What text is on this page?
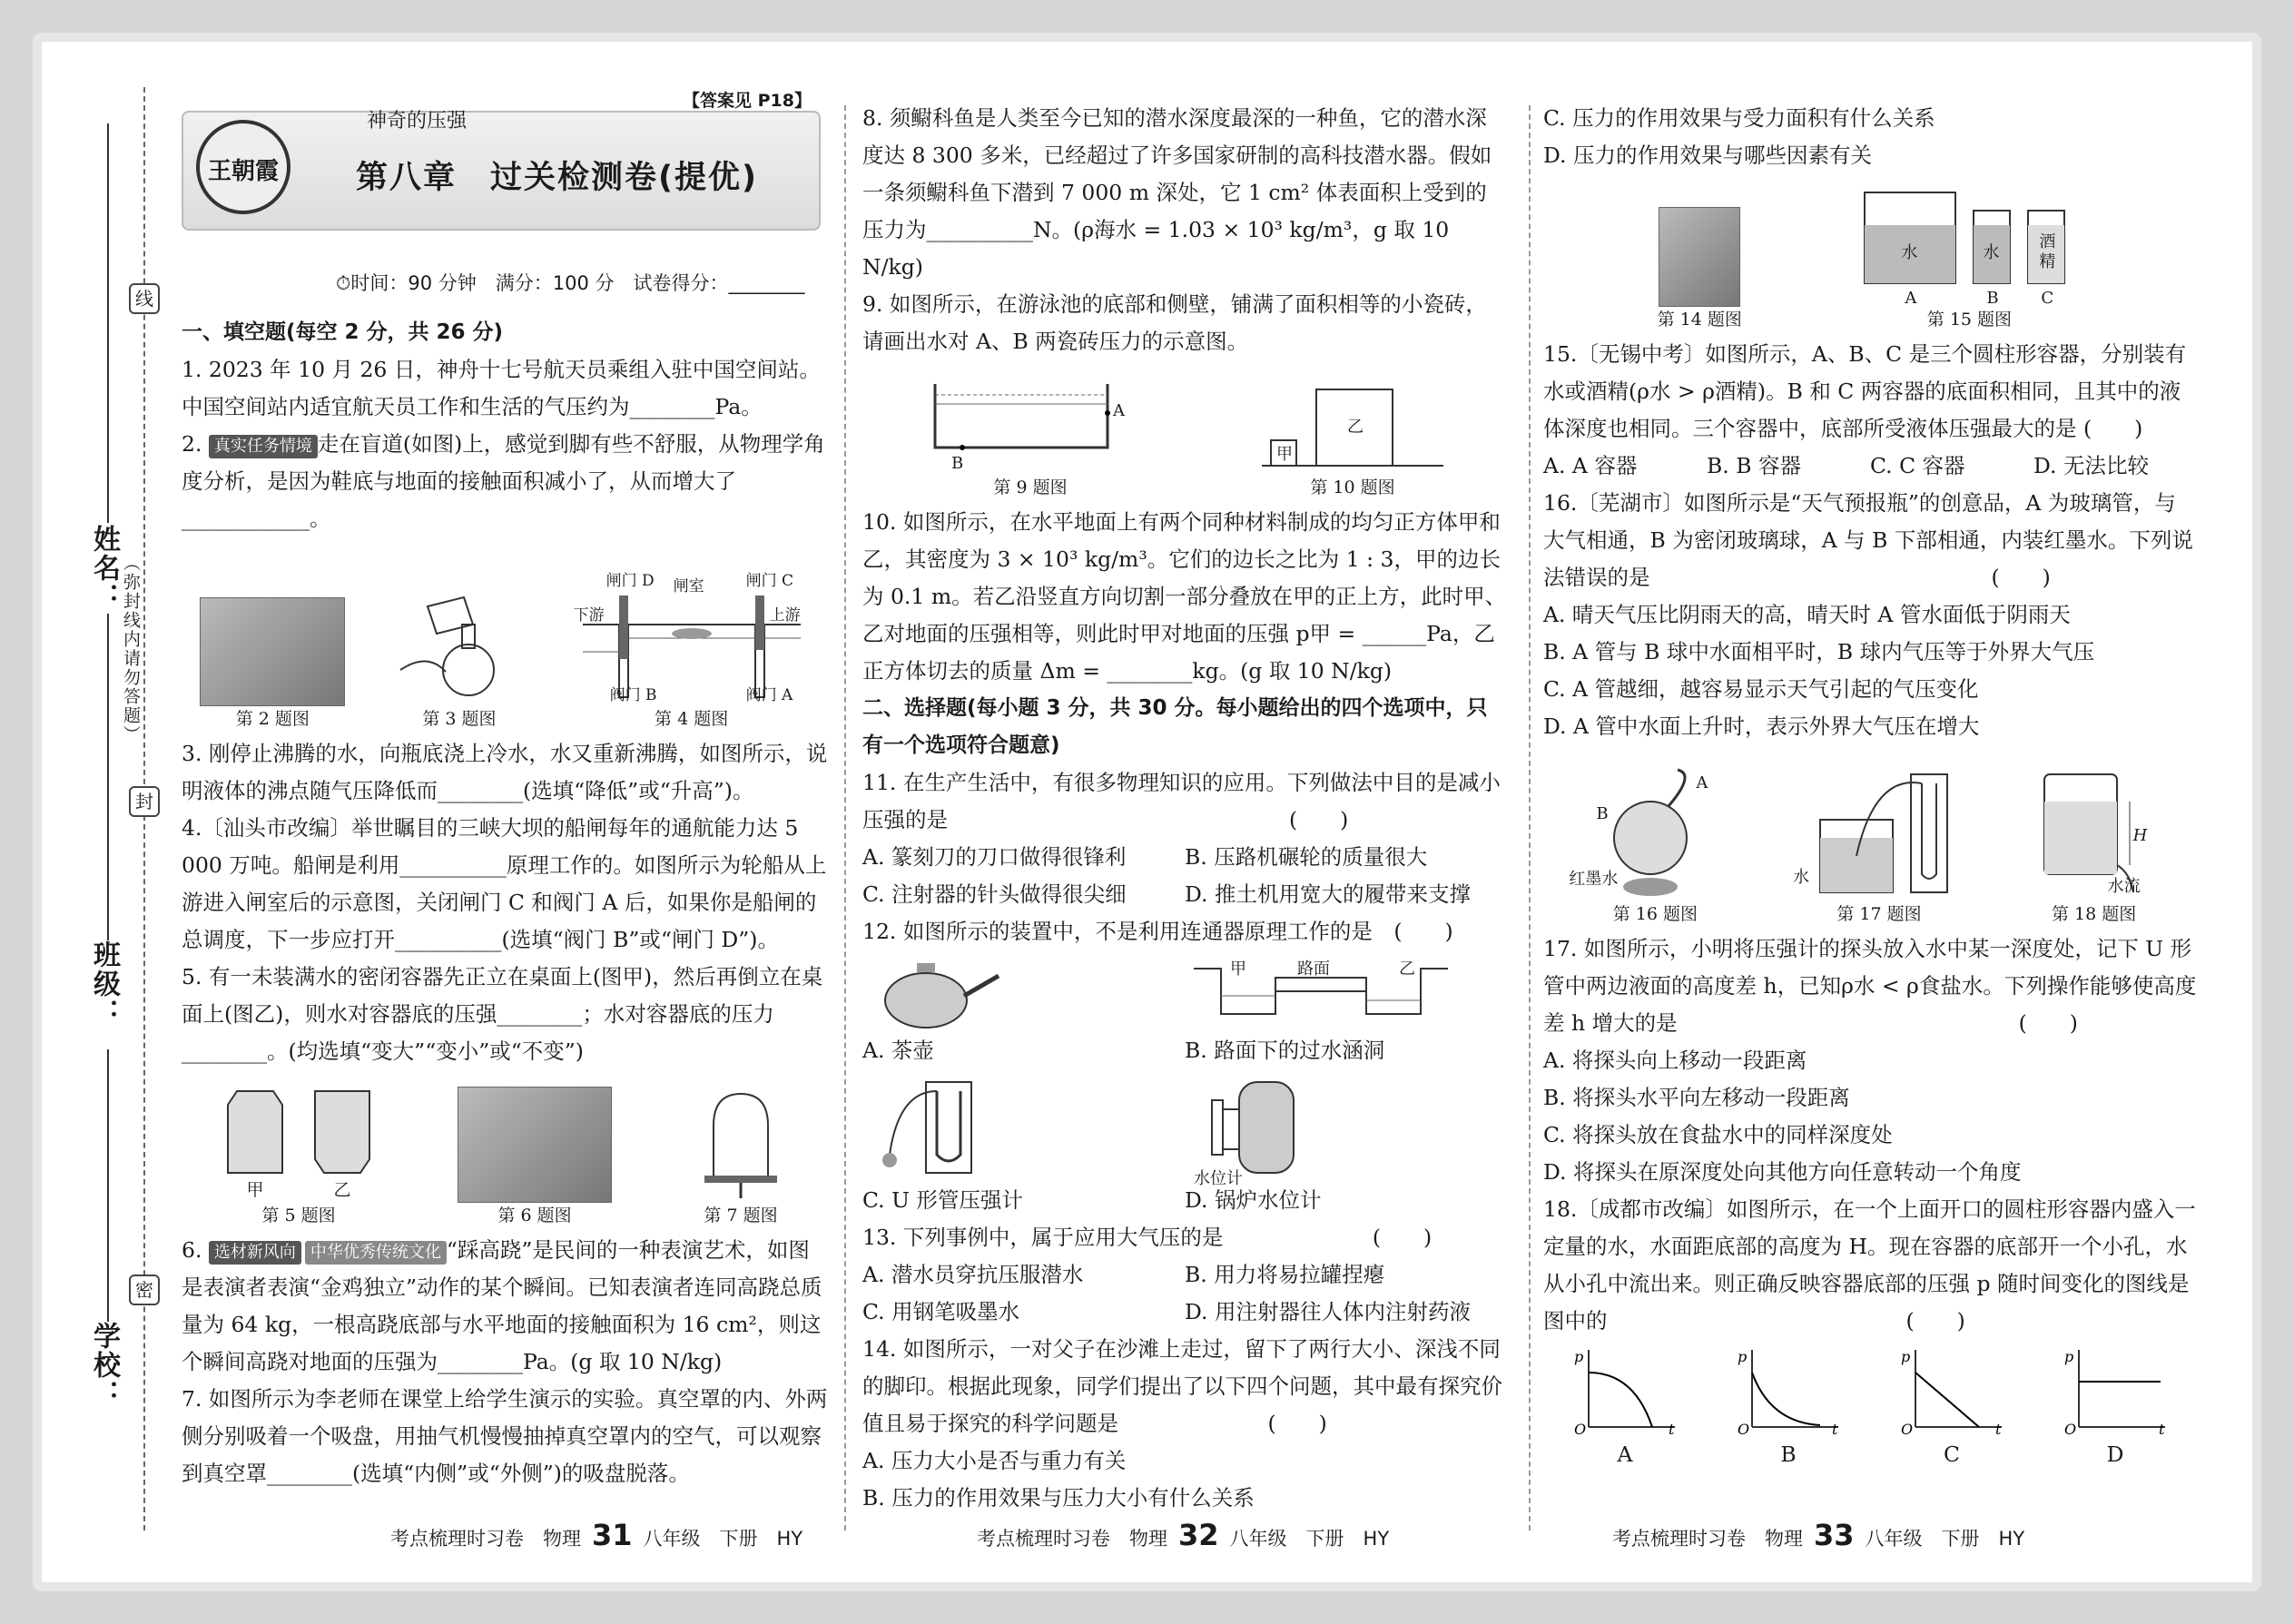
姓名：
班级：
学校：
线
封
密
（弥封线内请勿答题）
王朝霞
【答案见 P18】
神奇的压强
第八章　过关检测卷(提优)
⏱时间：90 分钟　满分：100 分　试卷得分：________
一、填空题(每空 2 分，共 26 分)
1. 2023 年 10 月 26 日，神舟十七号航天员乘组入驻中国空间站。中国空间站内适宜航天员工作和生活的气压约为________Pa。
2. 真实任务情境 走在盲道(如图)上，感觉到脚有些不舒服，从物理学角度分析，是因为鞋底与地面的接触面积减小了，从而增大了____________。
第 2 题图	第 3 题图
闸门 D 闸室	闸门 C
下游	上游
阀门 B	阀门 A
第 4 题图
3. 刚停止沸腾的水，向瓶底浇上冷水，水又重新沸腾，如图所示，说明液体的沸点随气压降低而________(选填“降低”或“升高”)。
4.〔汕头市改编〕举世瞩目的三峡大坝的船闸每年的通航能力达 5 000 万吨。船闸是利用__________原理工作的。如图所示为轮船从上游进入闸室后的示意图，关闭闸门 C 和阀门 A 后，如果你是船闸的总调度，下一步应打开__________(选填“阀门 B”或“闸门 D”)。
5. 有一未装满水的密闭容器先正立在桌面上(图甲)，然后再倒立在桌面上(图乙)，则水对容器底的压强________；水对容器底的压力________。(均选填“变大”“变小”或“不变”)
甲	乙
第 5 题图	第 6 题图	第 7 题图
6. 选材新风向 中华优秀传统文化 “踩高跷”是民间的一种表演艺术，如图是表演者表演“金鸡独立”动作的某个瞬间。已知表演者连同高跷总质量为 64 kg，一根高跷底部与水平地面的接触面积为 16 cm²，则这个瞬间高跷对地面的压强为________Pa。(g 取 10 N/kg)
7. 如图所示为李老师在课堂上给学生演示的实验。真空罩的内、外两侧分别吸着一个吸盘，用抽气机慢慢抽掉真空罩内的空气，可以观察到真空罩________(选填“内侧”或“外侧”)的吸盘脱落。
8. 须鳚科鱼是人类至今已知的潜水深度最深的一种鱼，它的潜水深度达 8 300 多米，已经超过了许多国家研制的高科技潜水器。假如一条须鳚科鱼下潜到 7 000 m 深处，它 1 cm² 体表面积上受到的压力为__________N。(ρ海水 = 1.03 × 10³ kg/m³，g 取 10 N/kg)
9. 如图所示，在游泳池的底部和侧壁，铺满了面积相等的小瓷砖，请画出水对 A、B 两瓷砖压力的示意图。
A
B
第 9 题图
甲
乙
第 10 题图
10. 如图所示，在水平地面上有两个同种材料制成的均匀正方体甲和乙，其密度为 3 × 10³ kg/m³。它们的边长之比为 1 : 3，甲的边长为 0.1 m。若乙沿竖直方向切割一部分叠放在甲的正上方，此时甲、乙对地面的压强相等，则此时甲对地面的压强 p甲 = ______Pa，乙正方体切去的质量 Δm = ________kg。(g 取 10 N/kg)
二、选择题(每小题 3 分，共 30 分。每小题给出的四个选项中，只有一个选项符合题意)
11. 在生产生活中，有很多物理知识的应用。下列做法中目的是减小压强的是　　　　　　　　　　　　　　　　(　　)
A. 篆刻刀的刀口做得很锋利	B. 压路机碾轮的质量很大
C. 注射器的针头做得很尖细	D. 推土机用宽大的履带来支撑
12. 如图所示的装置中，不是利用连通器原理工作的是　(　　)
A. 茶壶
甲	路面	乙
B. 路面下的过水涵洞
C. U 形管压强计
水位计
D. 锅炉水位计
13. 下列事例中，属于应用大气压的是　　　　　　　(　　)
A. 潜水员穿抗压服潜水	B. 用力将易拉罐捏瘪
C. 用钢笔吸墨水	D. 用注射器往人体内注射药液
14. 如图所示，一对父子在沙滩上走过，留下了两行大小、深浅不同的脚印。根据此现象，同学们提出了以下四个问题，其中最有探究价值且易于探究的科学问题是　　　　　　　(　　)
A. 压力大小是否与重力有关
B. 压力的作用效果与压力大小有什么关系
C. 压力的作用效果与受力面积有什么关系
D. 压力的作用效果与哪些因素有关
第 14 题图
水	水
酒精
A	B	C
第 15 题图
15.〔无锡中考〕如图所示，A、B、C 是三个圆柱形容器，分别装有水或酒精(ρ水 > ρ酒精)。B 和 C 两容器的底面积相同，且其中的液体深度也相同。三个容器中，底部所受液体压强最大的是 (　　)
A. A 容器	B. B 容器	C. C 容器	D. 无法比较
16.〔芜湖市〕如图所示是“天气预报瓶”的创意品，A 为玻璃管，与大气相通，B 为密闭玻璃球，A 与 B 下部相通，内装红墨水。下列说法错误的是　　　　　　　　　　　　　　　　(　　)
A. 晴天气压比阴雨天的高，晴天时 A 管水面低于阴雨天
B. A 管与 B 球中水面相平时，B 球内气压等于外界大气压
C. A 管越细，越容易显示天气引起的气压变化
D. A 管中水面上升时，表示外界大气压在增大
A
B
红墨水
第 16 题图
水
第 17 题图
H
水流
第 18 题图
17. 如图所示，小明将压强计的探头放入水中某一深度处，记下 U 形管中两边液面的高度差 h，已知ρ水 < ρ食盐水。下列操作能够使高度差 h 增大的是　　　　　　　　　　　　　　　　(　　)
A. 将探头向上移动一段距离
B. 将探头水平向左移动一段距离
C. 将探头放在食盐水中的同样深度处
D. 将探头在原深度处向其他方向任意转动一个角度
18.〔成都市改编〕如图所示，在一个上面开口的圆柱形容器内盛入一定量的水，水面距底部的高度为 H。现在容器的底部开一个小孔，水从小孔中流出来。则正确反映容器底部的压强 p 随时间变化的图线是图中的　　　　　　　　　　　　　　(　　)
p
O	t
A
p
O	t
B
p
O	t
C
p
O	t
D
考点梳理时习卷　物理 31 八年级　下册　HY	考点梳理时习卷　物理 32 八年级　下册　HY	考点梳理时习卷　物理 33 八年级　下册　HY
